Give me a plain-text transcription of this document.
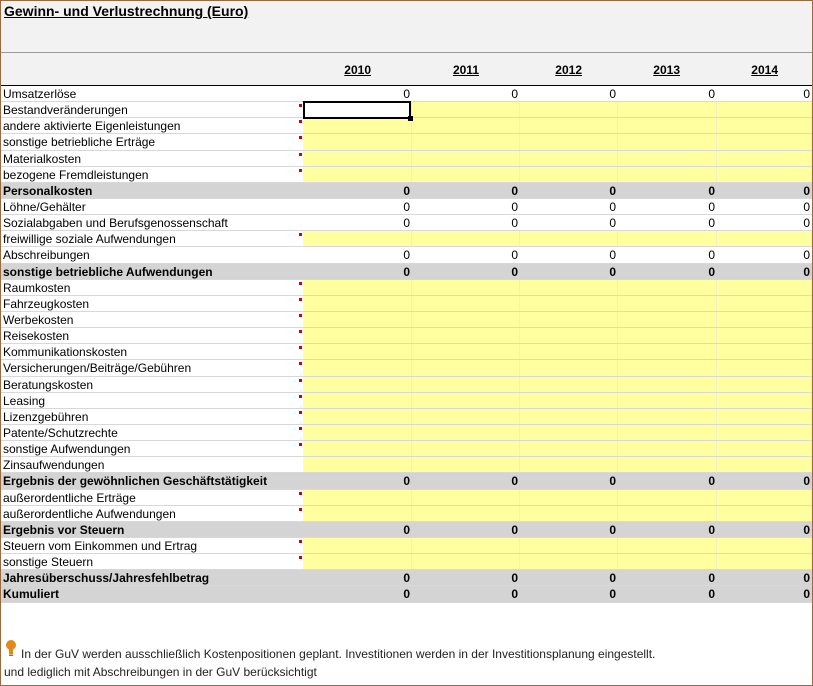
Gewinn- und Verlustrechnung (Euro)
2010	2011	2012	2013	2014
Umsatzerlöse	0	0	0	0	0
Bestandveränderungen
andere aktivierte Eigenleistungen
sonstige betriebliche Erträge
Materialkosten
bezogene Fremdleistungen
Personalkosten	0	0	0	0	0
Löhne/Gehälter	0	0	0	0	0
Sozialabgaben und Berufsgenossenschaft	0	0	0	0	0
freiwillige soziale Aufwendungen
Abschreibungen	0	0	0	0	0
sonstige betriebliche Aufwendungen	0	0	0	0	0
Raumkosten
Fahrzeugkosten
Werbekosten
Reisekosten
Kommunikationskosten
Versicherungen/Beiträge/Gebühren
Beratungskosten
Leasing
Lizenzgebühren
Patente/Schutzrechte
sonstige Aufwendungen
Zinsaufwendungen
Ergebnis der gewöhnlichen Geschäftstätigkeit	0	0	0	0	0
außerordentliche Erträge
außerordentliche Aufwendungen
Ergebnis vor Steuern	0	0	0	0	0
Steuern vom Einkommen und Ertrag
sonstige Steuern
Jahresüberschuss/Jahresfehlbetrag	0	0	0	0	0
Kumuliert	0	0	0	0	0
In der GuV werden ausschließlich Kostenpositionen geplant. Investitionen werden in der Investitionsplanung eingestellt.
und lediglich mit Abschreibungen in der GuV berücksichtigt
